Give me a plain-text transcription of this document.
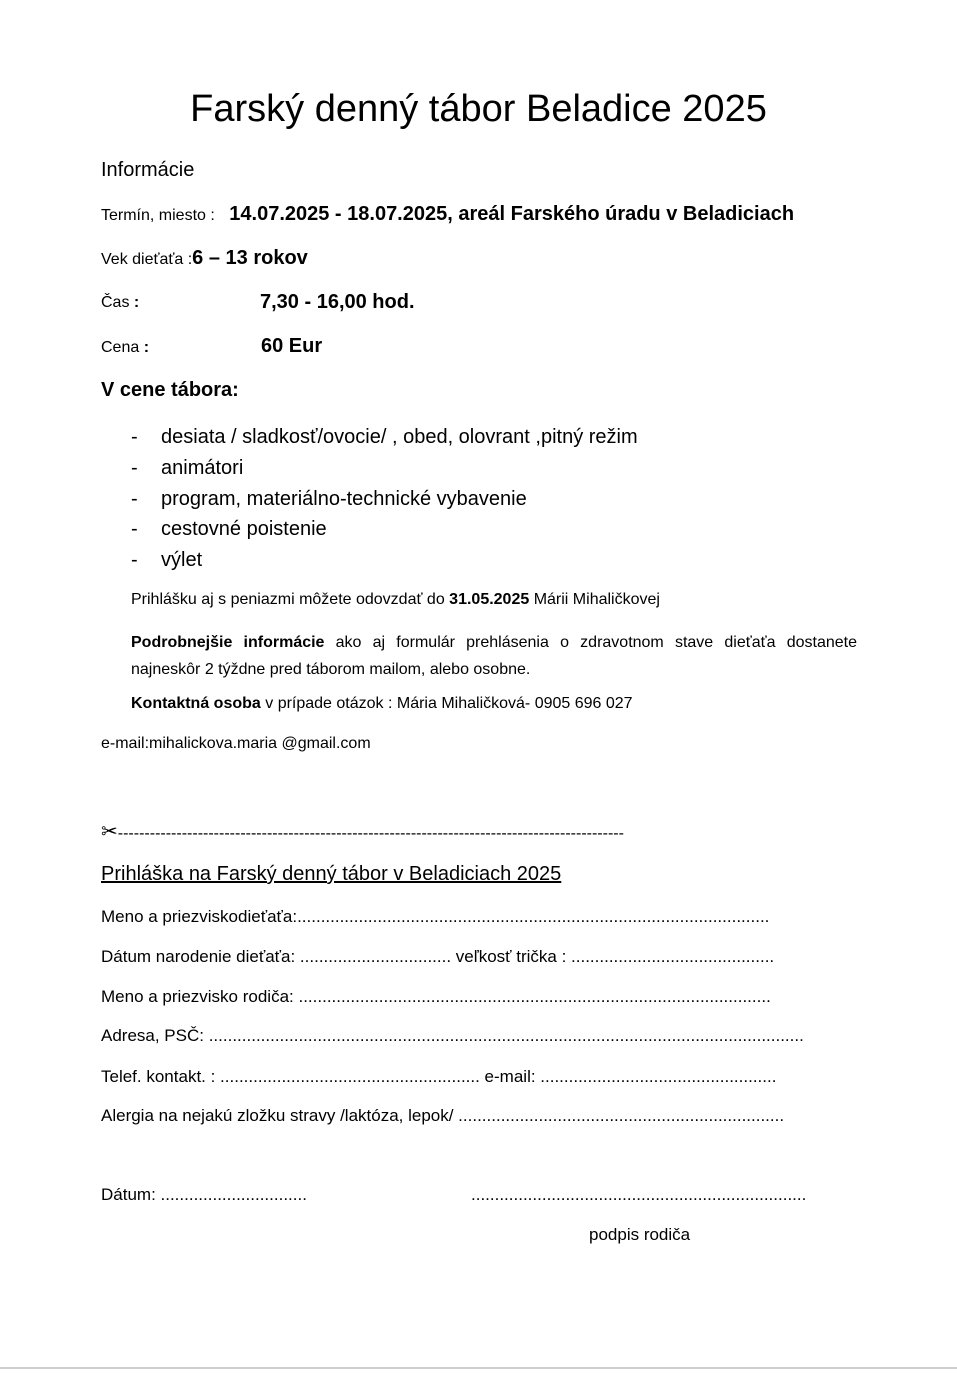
Farský denný tábor Beladice 2025
Informácie
Termín, miesto : 14.07.2025 - 18.07.2025, areál Farského úradu v Beladiciach
Vek dieťaťa :6 – 13 rokov
Čas :	7,30 - 16,00 hod.
Cena :	60 Eur
V cene tábora:
- desiata / sladkosť/ovocie/ , obed, olovrant ,pitný režim
- animátori
- program, materiálno-technické vybavenie
- cestovné poistenie
- výlet
Prihlášku aj s peniazmi môžete odovzdať do 31.05.2025 Márii Mihaličkovej
Podrobnejšie informácie ako aj formulár prehlásenia o zdravotnom stave dieťaťa dostanete najneskôr 2 týždne pred táborom mailom, alebo osobne.
Kontaktná osoba v prípade otázok : Mária Mihaličková- 0905 696 027
e-mail:mihalickova.maria @gmail.com
✂-----------------------------------------------------------------------------------------------
Prihláška na Farský denný tábor v Beladiciach 2025
Meno a priezviskodieťaťa:....................................................................................................
Dátum narodenie dieťaťa: ................................ veľkosť trička : ...........................................
Meno a priezvisko rodiča: ....................................................................................................
Adresa, PSČ: ..............................................................................................................................
Telef. kontakt. : ....................................................... e-mail: ..................................................
Alergia na nejakú zložku stravy /laktóza, lepok/ .....................................................................
Dátum: ...............................	.......................................................................
podpis rodiča
